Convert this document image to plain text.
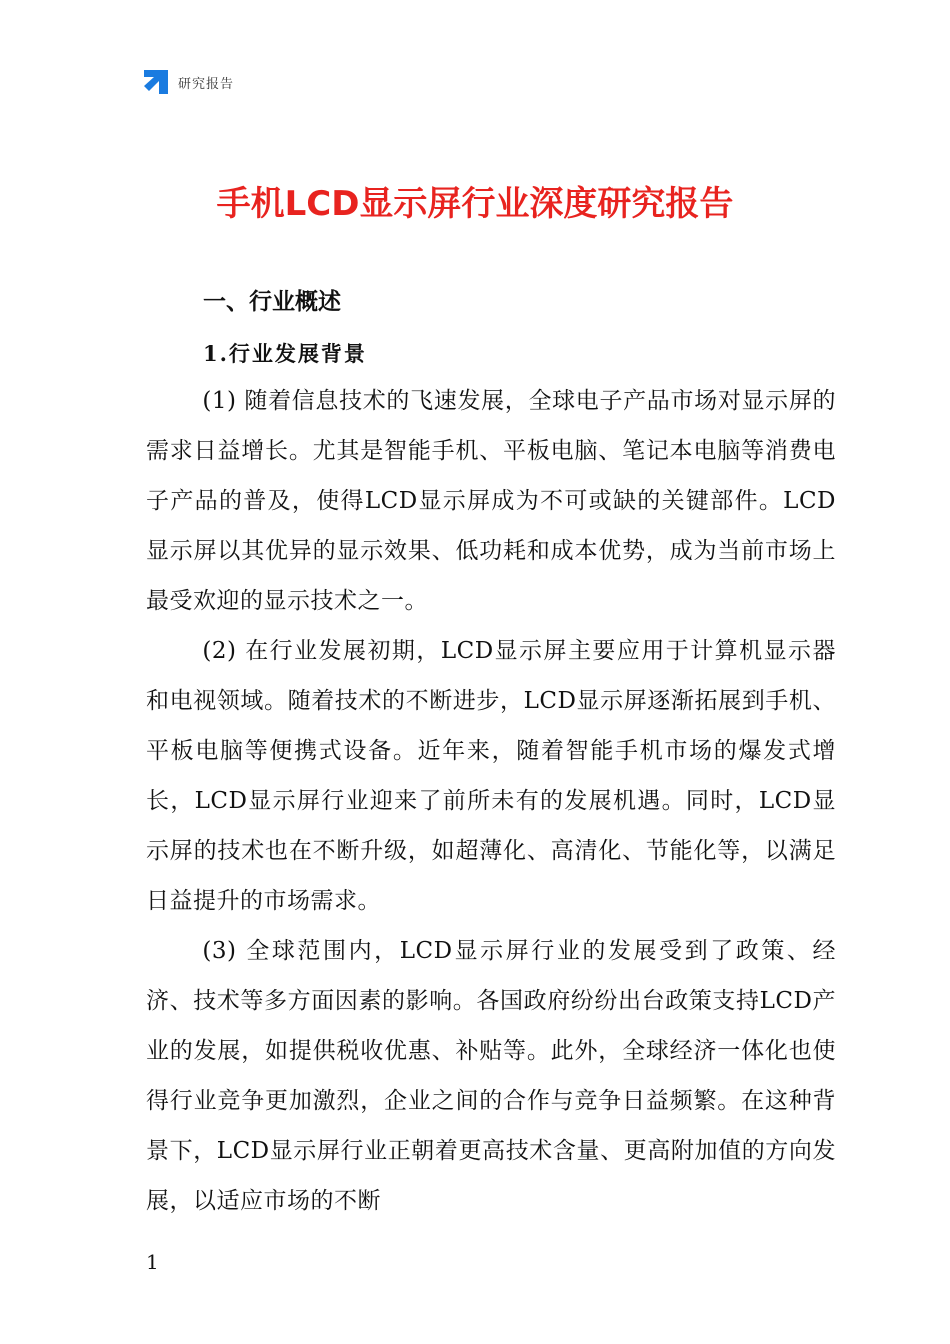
研究报告
手机LCD显示屏行业深度研究报告
一、行业概述
1.行业发展背景

(1) 随着信息技术的飞速发展，全球电子产品市场对显示屏的需求日益增长。尤其是智能手机、平板电脑、笔记本电脑等消费电子产品的普及，使得LCD显示屏成为不可或缺的关键部件。LCD显示屏以其优异的显示效果、低功耗和成本优势，成为当前市场上最受欢迎的显示技术之一。

(2) 在行业发展初期，LCD显示屏主要应用于计算机显示器和电视领域。随着技术的不断进步，LCD显示屏逐渐拓展到手机、平板电脑等便携式设备。近年来，随着智能手机市场的爆发式增长，LCD显示屏行业迎来了前所未有的发展机遇。同时，LCD显示屏的技术也在不断升级，如超薄化、高清化、节能化等，以满足日益提升的市场需求。

(3) 全球范围内，LCD显示屏行业的发展受到了政策、经济、技术等多方面因素的影响。各国政府纷纷出台政策支持LCD产业的发展，如提供税收优惠、补贴等。此外，全球经济一体化也使得行业竞争更加激烈，企业之间的合作与竞争日益频繁。在这种背景下，LCD显示屏行业正朝着更高技术含量、更高附加值的方向发展，以适应市场的不断

1
